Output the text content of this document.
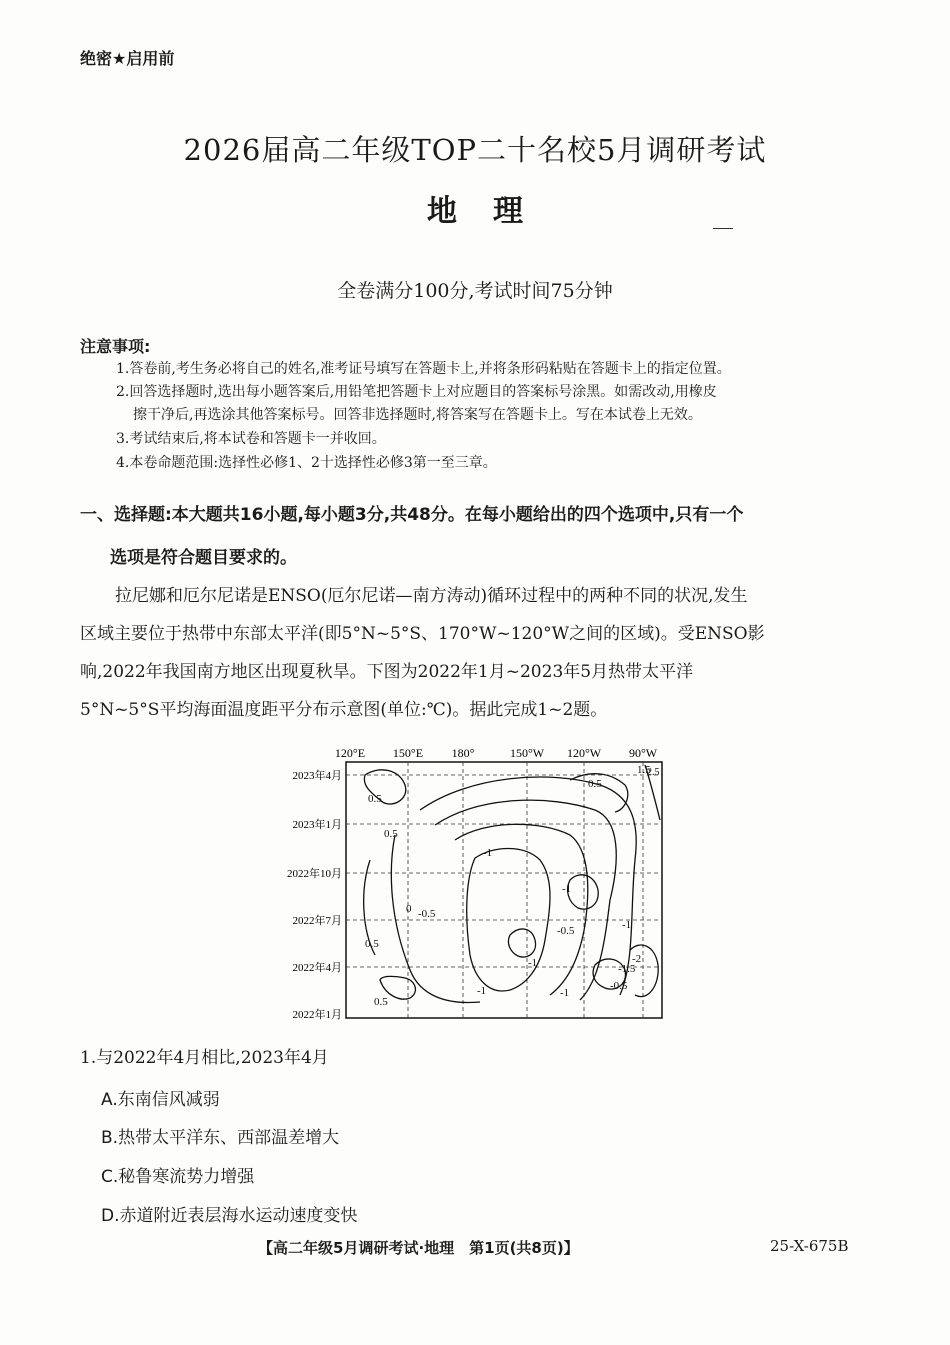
绝密★启用前
2026届高二年级TOP二十名校5月调研考试
地理
全卷满分100分,考试时间75分钟
注意事项:
1.答卷前,考生务必将自己的姓名,准考证号填写在答题卡上,并将条形码粘贴在答题卡上的指定位置。
2.回答选择题时,选出每小题答案后,用铅笔把答题卡上对应题目的答案标号涂黑。如需改动,用橡皮
擦干净后,再选涂其他答案标号。回答非选择题时,将答案写在答题卡上。写在本试卷上无效。
3.考试结束后,将本试卷和答题卡一并收回。
4.本卷命题范围:选择性必修1、2十选择性必修3第一至三章。
一、选择题:本大题共16小题,每小题3分,共48分。在每小题给出的四个选项中,只有一个
选项是符合题目要求的。
拉尼娜和厄尔尼诺是ENSO(厄尔尼诺—南方涛动)循环过程中的两种不同的状况,发生
区域主要位于热带中东部太平洋(即5°N~5°S、170°W~120°W之间的区域)。受ENSO影
响,2022年我国南方地区出现夏秋旱。下图为2022年1月~2023年5月热带太平洋
5°N~5°S平均海面温度距平分布示意图(单位:℃)。据此完成1~2题。
120°E 150°E 180°	150°W 120°W 90°W
2023年4月
2023年1月
2022年10月
2022年7月
2022年4月
2022年1月
0.5
0.5
0
-1
-1
-0.5
-0.5
0.5
-1
-1	-1
-1
-0.5
-1.5
-2
0.5
0.5
1.5
2.5
1.与2022年4月相比,2023年4月
A.东南信风减弱
B.热带太平洋东、西部温差增大
C.秘鲁寒流势力增强
D.赤道附近表层海水运动速度变快
【高二年级5月调研考试·地理　第1页(共8页)】	25-X-675B
